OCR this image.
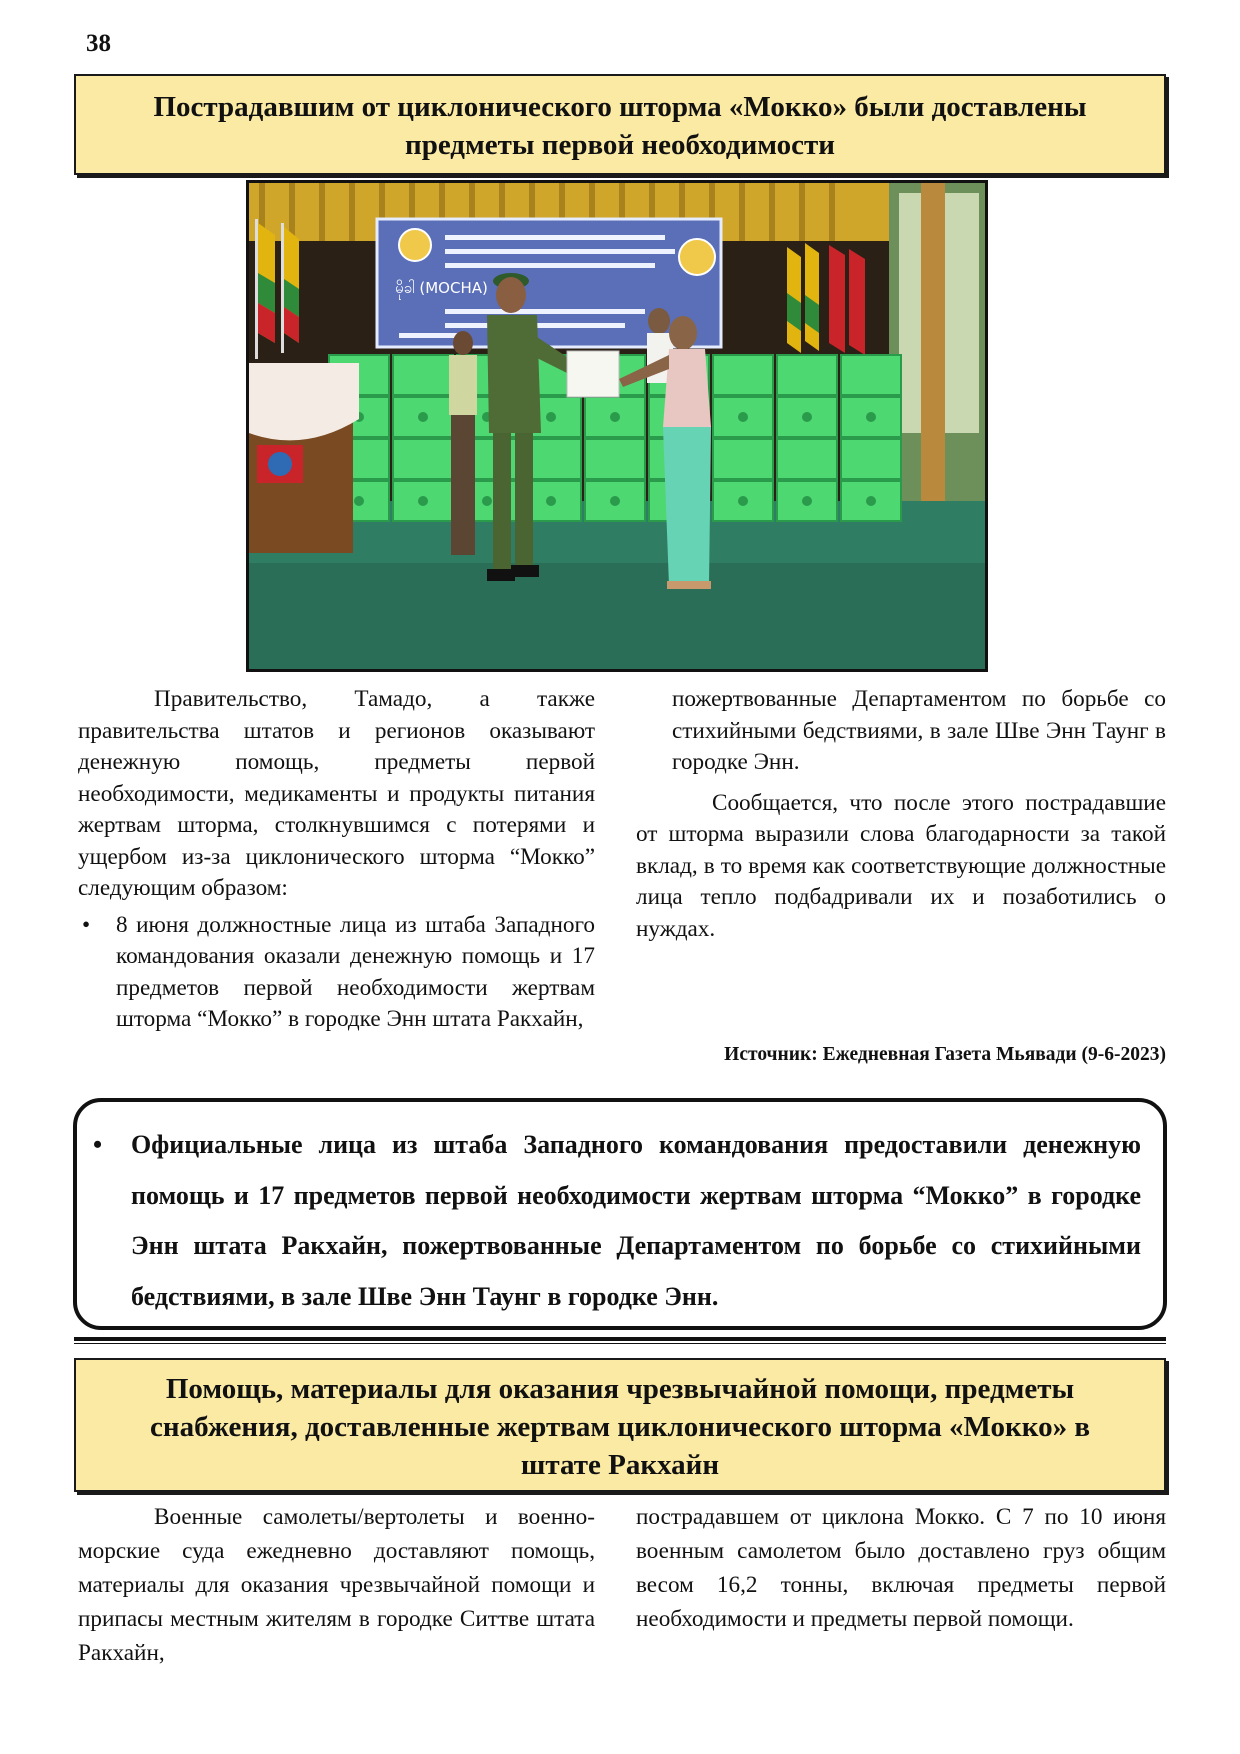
38
Пострадавшим от циклонического шторма «Мокко» были доставлены
предметы первой необходимости
မိုခါ (MOCHA)

Правительство, Тамадо, а также правительства штатов и регионов оказывают денежную помощь, предметы первой необходимости, медикаменты и продукты питания жертвам шторма, столкнувшимся с потерями и ущербом из-за циклонического шторма “Мокко” следующим образом:

• 8 июня должностные лица из штаба Западного командования оказали денежную помощь и 17 предметов первой необходимости жертвам шторма “Мокко” в городке Энн штата Ракхайн,

пожертвованные Департаментом по борьбе со стихийными бедствиями, в зале Шве Энн Таунг в городке Энн.

Сообщается, что после этого пострадавшие от шторма выразили слова благодарности за такой вклад, в то время как соответствующие должностные лица тепло подбадривали их и позаботились о нуждах.

Источник: Ежедневная Газета Мьявади (9-6-2023)

• Официальные лица из штаба Западного командования предоставили денежную помощь и 17 предметов первой необходимости жертвам шторма “Мокко” в городке Энн штата Ракхайн, пожертвованные Департаментом по борьбе со стихийными бедствиями, в зале Шве Энн Таунг в городке Энн.

Помощь, материалы для оказания чрезвычайной помощи, предметы
снабжения, доставленные жертвам циклонического шторма «Мокко» в
штате Ракхайн

Военные самолеты/вертолеты и военно-морские суда ежедневно доставляют помощь, материалы для оказания чрезвычайной помощи и припасы местным жителям в городке Ситтве штата Ракхайн,

пострадавшем от циклона Мокко. С 7 по 10 июня военным самолетом было доставлено груз общим весом 16,2 тонны, включая предметы первой необходимости и предметы первой помощи.
